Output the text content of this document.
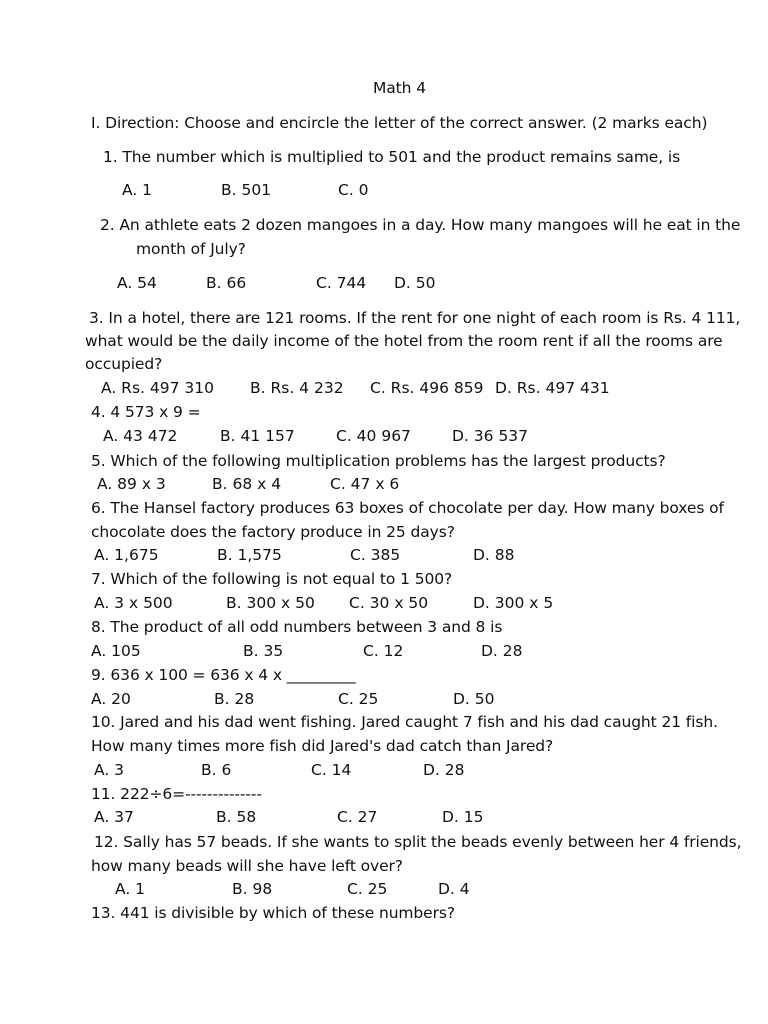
Math 4
I. Direction: Choose and encircle the letter of the correct answer. (2 marks each)
1. The number which is multiplied to 501 and the product remains same, is
A. 1	B. 501	C. 0
2. An athlete eats 2 dozen mangoes in a day. How many mangoes will he eat in the
month of July?
A. 54	B. 66	C. 744 D. 50
3. In a hotel, there are 121 rooms. If the rent for one night of each room is Rs. 4 111,
what would be the daily income of the hotel from the room rent if all the rooms are
occupied?
A. Rs. 497 310 B. Rs. 4 232 C. Rs. 496 859 D. Rs. 497 431
4. 4 573 x 9 =
A. 43 472	B. 41 157	C. 40 967	D. 36 537
5. Which of the following multiplication problems has the largest products?
A. 89 x 3	B. 68 x 4	C. 47 x 6
6. The Hansel factory produces 63 boxes of chocolate per day. How many boxes of
chocolate does the factory produce in 25 days?
A. 1,675	B. 1,575	C. 385	D. 88
7. Which of the following is not equal to 1 500?
A. 3 x 500	B. 300 x 50 C. 30 x 50	D. 300 x 5
8. The product of all odd numbers between 3 and 8 is
A. 105	B. 35	C. 12	D. 28
9. 636 x 100 = 636 x 4 x _________
A. 20	B. 28	C. 25	D. 50
10. Jared and his dad went fishing. Jared caught 7 fish and his dad caught 21 fish.
How many times more fish did Jared's dad catch than Jared?
A. 3	B. 6	C. 14	D. 28
11. 222÷6=--------------
A. 37	B. 58	C. 27	D. 15
12. Sally has 57 beads. If she wants to split the beads evenly between her 4 friends,
how many beads will she have left over?
A. 1	B. 98	C. 25	D. 4
13. 441 is divisible by which of these numbers?
